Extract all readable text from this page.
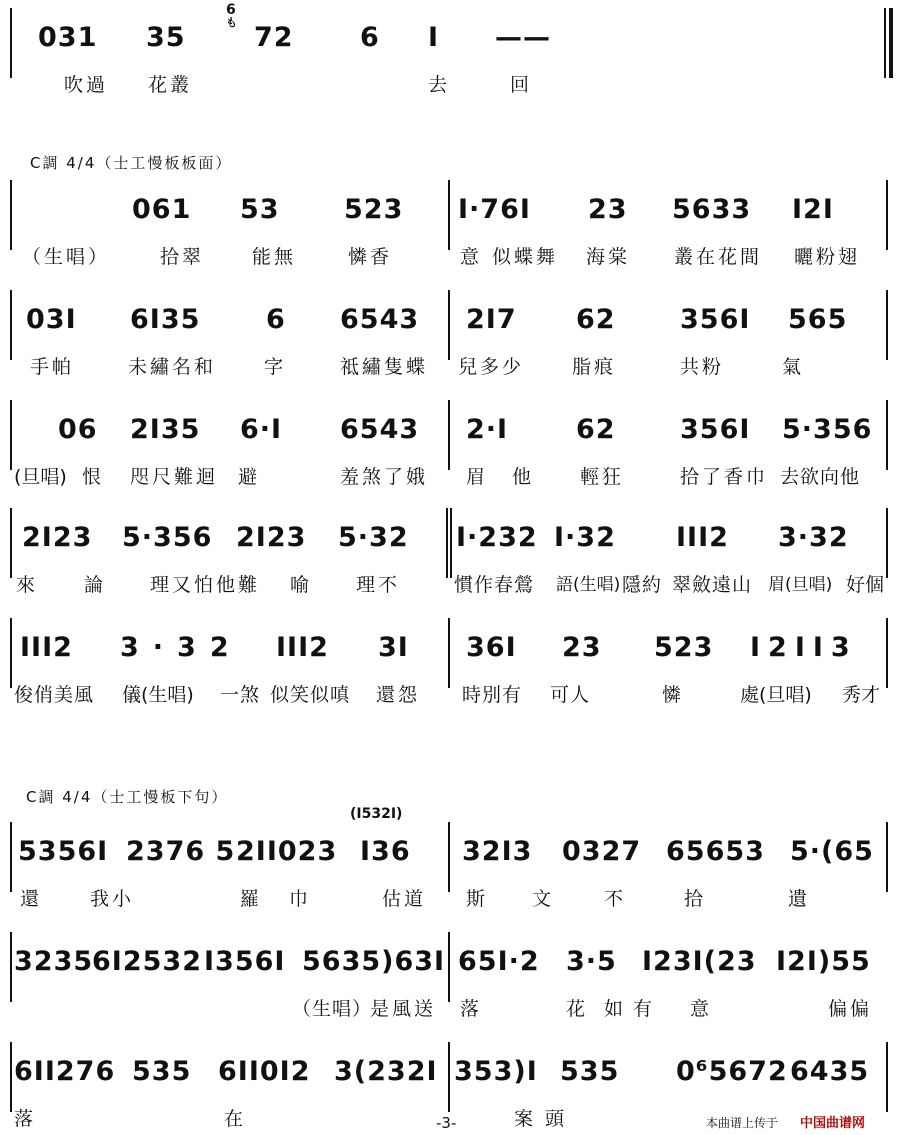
6
も
031 35	72 6 I ——
吹過 花叢	去	回
C調 4/4（士工慢板板面）
061 53 523 I·76I 23 5633 I2I
（生唱）	拾翠	能無	憐香	意 似蝶舞 海棠 叢在花間 曬粉翅
03I 6I35 6 6543 2I7 62 356I 565
手帕	未繡名和	字	祗繡隻蝶 兒多少	脂痕	共粉	氣
06 2I35 6·I 6543 2·I	62 356I 5·356
(旦唱) 恨 咫尺難迴 避	羞煞了娥 眉 他 輕狂	拾了香巾 去欲向他
2I23 5·356 2I23 5·32 I·232 I·32 III2 3·32
來 論 理又怕他 難 喻 理不	慣作春鶯 語(生唱) 隱約 翠斂遠山 眉(旦唱) 好個
III2 3·32 III2 3I 36I 23 523 I2II3
俊俏美風 儀(生唱) 一煞 似笑似嗔 還怨 時別有 可人	憐	處(旦唱) 秀才
C調 4/4（士工慢板下句）
(I532I)
5356I 2376 5 2II023 I36 32I3 0327 65653 5·(65
還	我小	羅巾 估道 斯 文	不	拾	遺
3235
6I2532 I356I 5635)63I 65I·2 3·5 I23I(23 I2I)55
（生唱）
是風送 落	花 如有 意	偏偏
6II276 535 6II0I2 3(232I 353)I 535 0⁶5672 6435
落	在	案頭
-3-	本曲谱上传于 中国曲谱网
